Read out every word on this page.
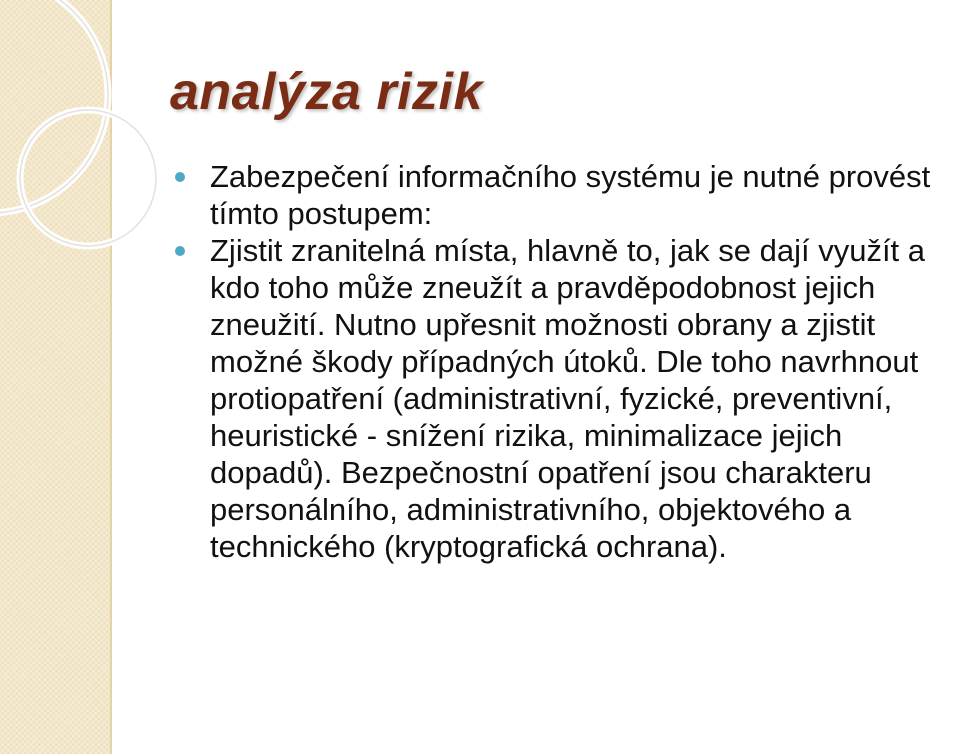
analýza rizik
Zabezpečení informačního systému je nutné provést tímto postupem:
Zjistit zranitelná místa, hlavně to, jak se dají využít a kdo toho může zneužít a pravděpodobnost jejich zneužití. Nutno upřesnit možnosti obrany a zjistit možné škody případných útoků. Dle toho navrhnout protiopatření (administrativní, fyzické, preventivní, heuristické - snížení rizika, minimalizace jejich dopadů). Bezpečnostní opatření jsou charakteru personálního, administrativního, objektového a technického (kryptografická ochrana).
